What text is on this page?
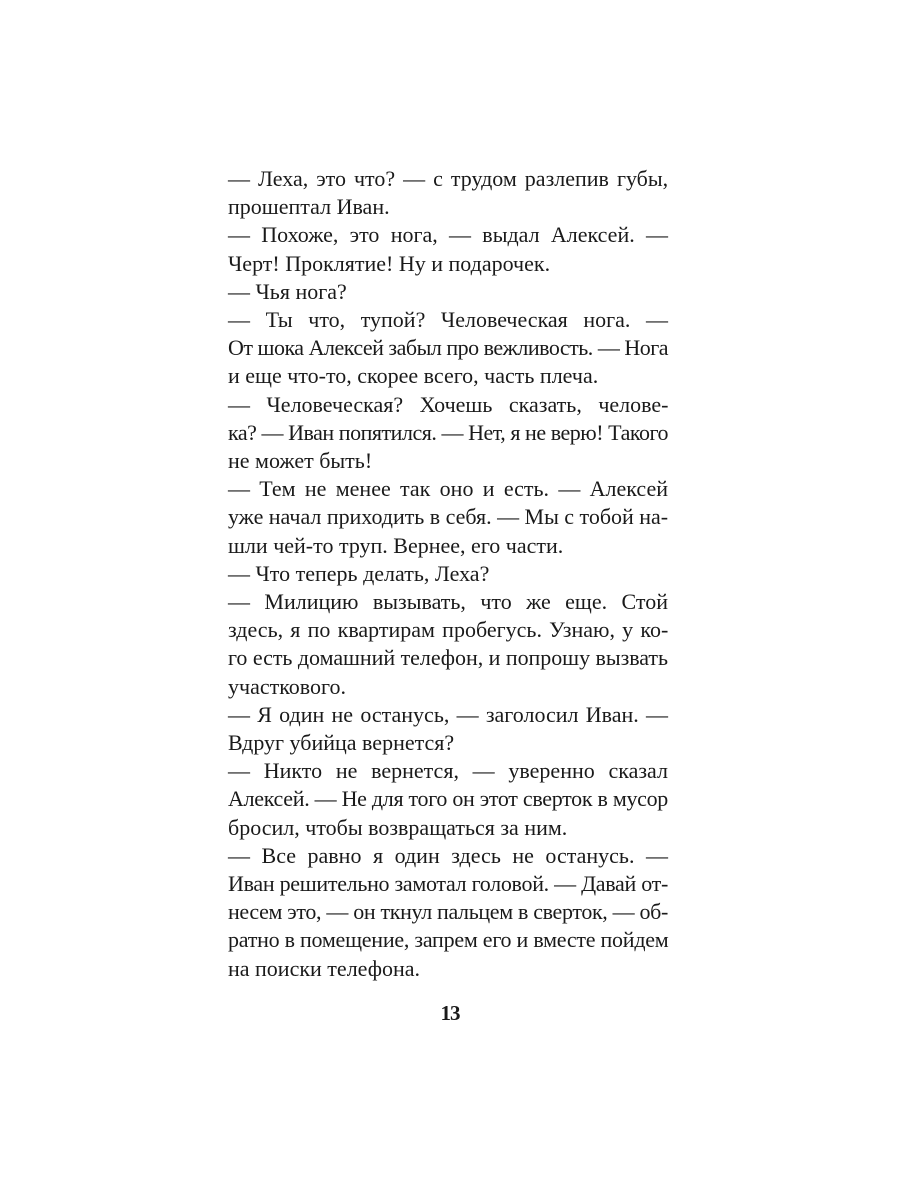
— Леха, это что? — с трудом разлепив губы,
прошептал Иван.
— Похоже, это нога, — выдал Алексей. —
Черт! Проклятие! Ну и подарочек.
— Чья нога?
— Ты что, тупой? Человеческая нога. —
От шока Алексей забыл про вежливость. — Нога
и еще что-то, скорее всего, часть плеча.
— Человеческая? Хочешь сказать, челове-
ка? — Иван попятился. — Нет, я не верю! Такого
не может быть!
— Тем не менее так оно и есть. — Алексей
уже начал приходить в себя. — Мы с тобой на-
шли чей-то труп. Вернее, его части.
— Что теперь делать, Леха?
— Милицию вызывать, что же еще. Стой
здесь, я по квартирам пробегусь. Узнаю, у ко-
го есть домашний телефон, и попрошу вызвать
участкового.
— Я один не останусь, — заголосил Иван. —
Вдруг убийца вернется?
— Никто не вернется, — уверенно сказал
Алексей. — Не для того он этот сверток в мусор
бросил, чтобы возвращаться за ним.
— Все равно я один здесь не останусь. —
Иван решительно замотал головой. — Давай от-
несем это, — он ткнул пальцем в сверток, — об-
ратно в помещение, запрем его и вместе пойдем
на поиски телефона.
13
